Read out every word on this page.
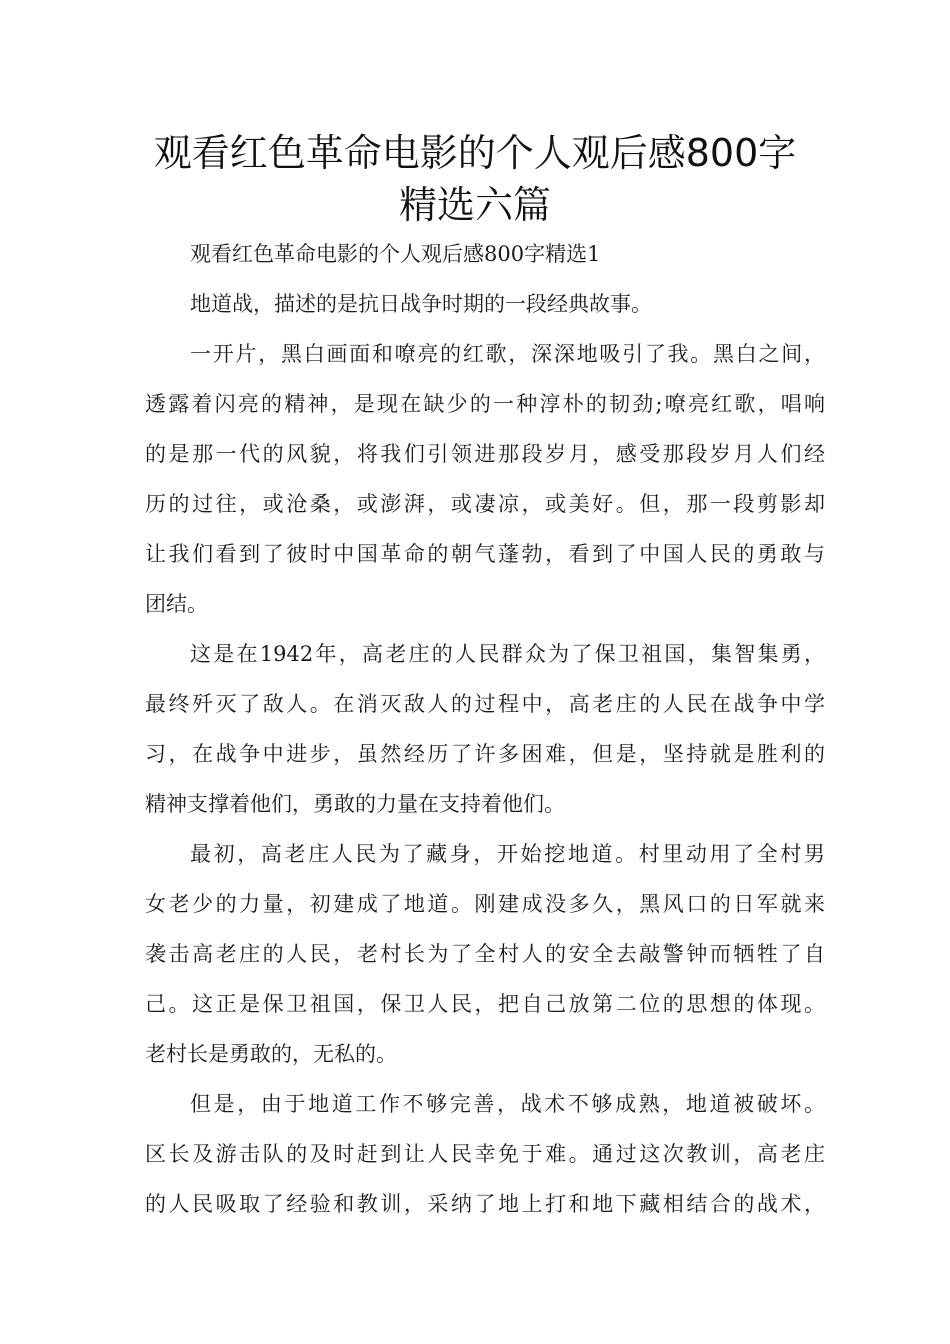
观看红色革命电影的个人观后感800字
精选六篇
观看红色革命电影的个人观后感800字精选1
地道战，描述的是抗日战争时期的一段经典故事。
一开片，黑白画面和嘹亮的红歌，深深地吸引了我。黑白之间，
透露着闪亮的精神，是现在缺少的一种淳朴的韧劲;嘹亮红歌，唱响
的是那一代的风貌，将我们引领进那段岁月，感受那段岁月人们经
历的过往，或沧桑，或澎湃，或凄凉，或美好。但，那一段剪影却
让我们看到了彼时中国革命的朝气蓬勃，看到了中国人民的勇敢与
团结。
这是在1942年，高老庄的人民群众为了保卫祖国，集智集勇，
最终歼灭了敌人。在消灭敌人的过程中，高老庄的人民在战争中学
习，在战争中进步，虽然经历了许多困难，但是，坚持就是胜利的
精神支撑着他们，勇敢的力量在支持着他们。
最初，高老庄人民为了藏身，开始挖地道。村里动用了全村男
女老少的力量，初建成了地道。刚建成没多久，黑风口的日军就来
袭击高老庄的人民，老村长为了全村人的安全去敲警钟而牺牲了自
己。这正是保卫祖国，保卫人民，把自己放第二位的思想的体现。
老村长是勇敢的，无私的。
但是，由于地道工作不够完善，战术不够成熟，地道被破坏。
区长及游击队的及时赶到让人民幸免于难。通过这次教训，高老庄
的人民吸取了经验和教训，采纳了地上打和地下藏相结合的战术，
